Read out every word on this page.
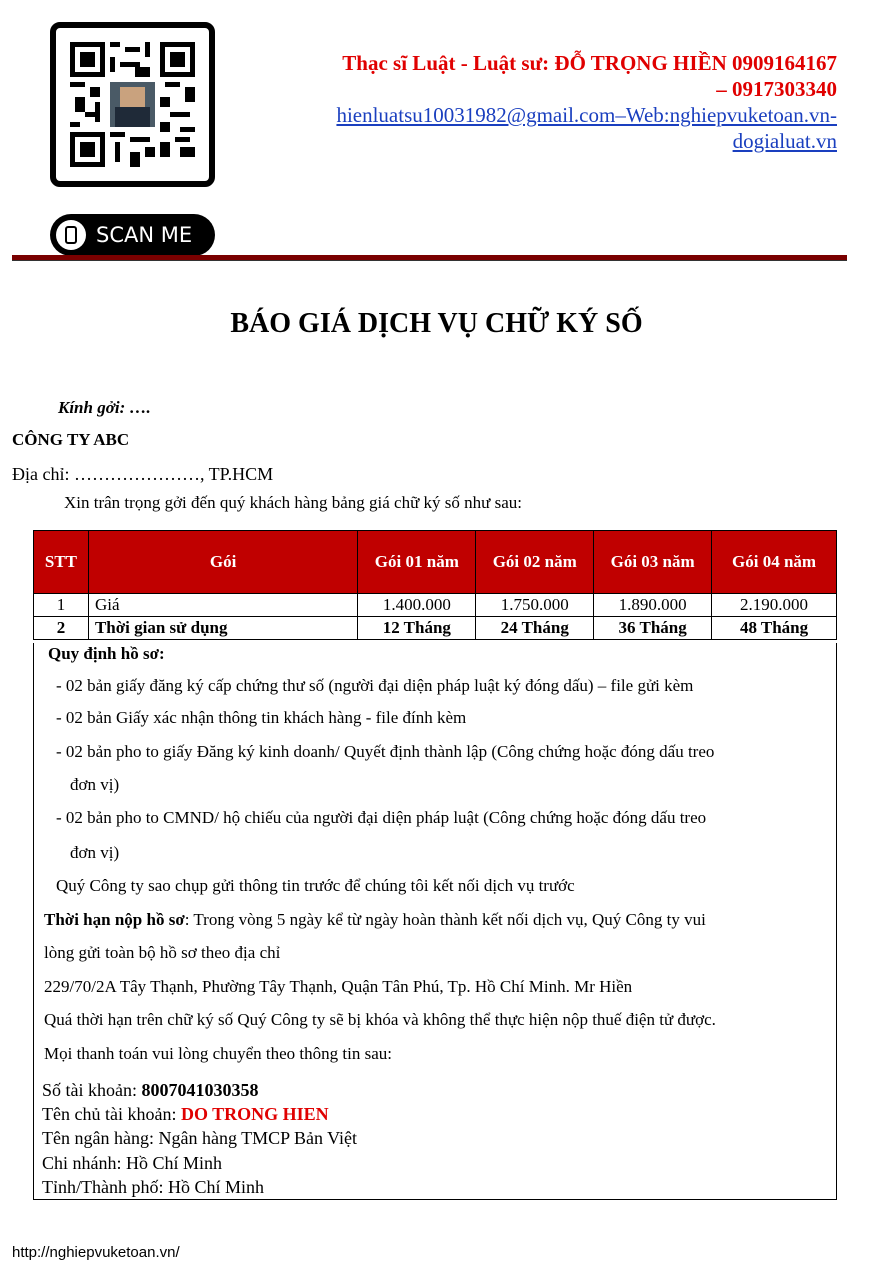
SCAN ME
Thạc sĩ Luật - Luật sư: ĐỖ TRỌNG HIỀN 0909164167
– 0917303340
hienluatsu10031982@gmail.com–Web:nghiepvuketoan.vn-
dogialuat.vn
BÁO GIÁ DỊCH VỤ CHỮ KÝ SỐ
Kính gởi: ….
CÔNG TY ABC
Địa chỉ: …………………, TP.HCM
Xin trân trọng gởi đến quý khách hàng bảng giá chữ ký số như sau:
STT	Gói	Gói 01 năm	Gói 02 năm	Gói 03 năm	Gói 04 năm
1	Giá	1.400.000	1.750.000	1.890.000	2.190.000
2	Thời gian sử dụng	12 Tháng	24 Tháng	36 Tháng	48 Tháng
Quy định hồ sơ:
- 02 bản giấy đăng ký cấp chứng thư số (người đại diện pháp luật ký đóng dấu) – file gửi kèm
- 02 bản Giấy xác nhận thông tin khách hàng - file đính kèm
- 02 bản pho to giấy Đăng ký kinh doanh/ Quyết định thành lập (Công chứng hoặc đóng dấu treo
đơn vị)
- 02 bản pho to CMND/ hộ chiếu của người đại diện pháp luật (Công chứng hoặc đóng dấu treo
đơn vị)
Quý Công ty sao chụp gửi thông tin trước để chúng tôi kết nối dịch vụ trước
Thời hạn nộp hồ sơ: Trong vòng 5 ngày kể từ ngày hoàn thành kết nối dịch vụ, Quý Công ty vui
lòng gửi toàn bộ hồ sơ theo địa chỉ
229/70/2A Tây Thạnh, Phường Tây Thạnh, Quận Tân Phú, Tp. Hồ Chí Minh. Mr Hiền
Quá thời hạn trên chữ ký số Quý Công ty sẽ bị khóa và không thể thực hiện nộp thuế điện tử được.
Mọi thanh toán vui lòng chuyển theo thông tin sau:
Số tài khoản: 8007041030358
Tên chủ tài khoản: DO TRONG HIEN
Tên ngân hàng: Ngân hàng TMCP Bản Việt
Chi nhánh: Hồ Chí Minh
Tỉnh/Thành phố: Hồ Chí Minh
http://nghiepvuketoan.vn/
